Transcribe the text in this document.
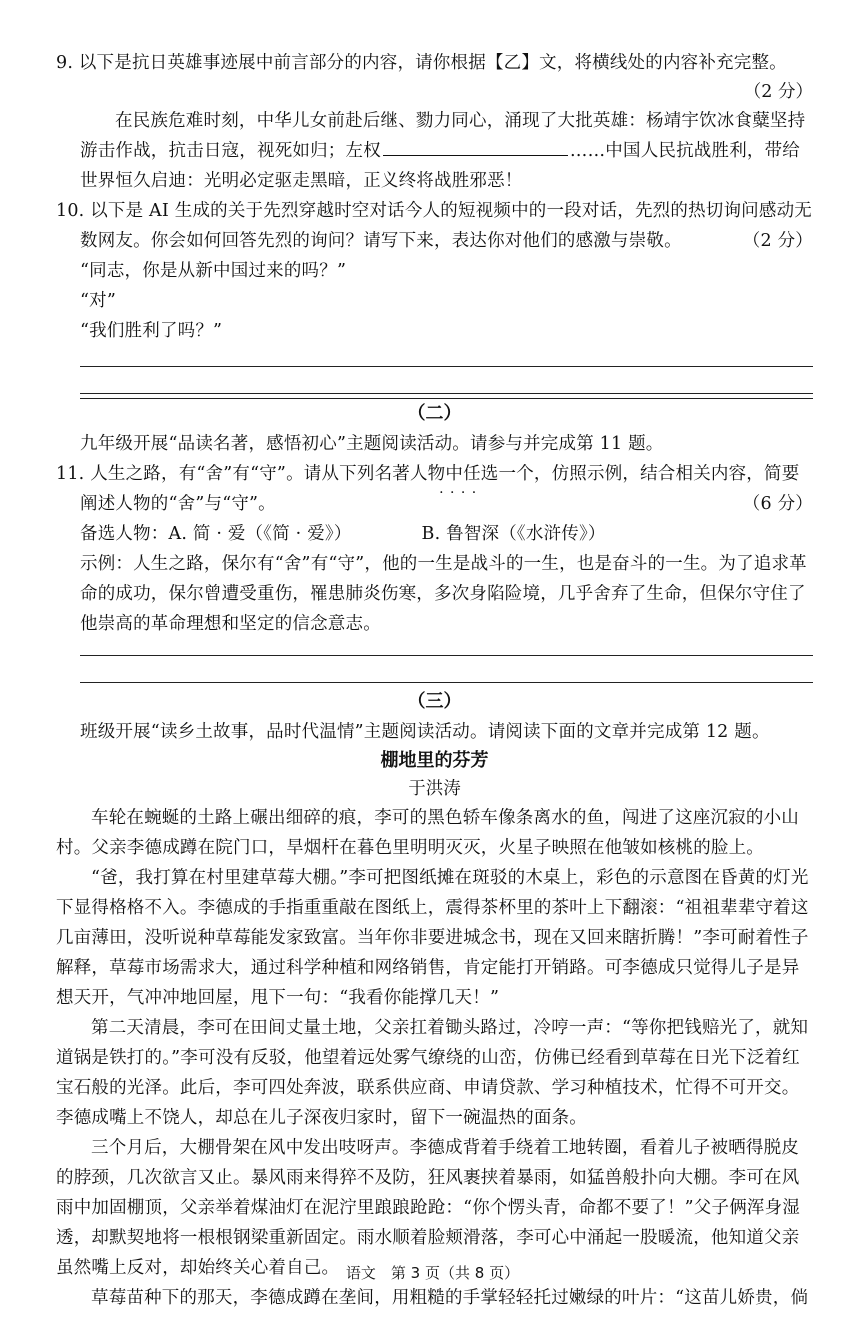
9. 以下是抗日英雄事迹展中前言部分的内容，请你根据【乙】文，将横线处的内容补充完整。

（2 分）

在民族危难时刻，中华儿女前赴后继、勠力同心，涌现了大批英雄：杨靖宇饮冰食糵坚持游击作战，抗击日寇，视死如归；左权	……中国人民抗战胜利，带给世界恒久启迪：光明必定驱走黑暗，正义终将战胜邪恶！

10. 以下是 AI 生成的关于先烈穿越时空对话今人的短视频中的一段对话，先烈的热切询问感动无数网友。你会如何回答先烈的询问？请写下来，表达你对他们的感激与崇敬。	（2 分）

“同志，你是从新中国过来的吗？”

“对”

“我们胜利了吗？”

（二）

九年级开展“品读名著，感悟初心”主题阅读活动。请参与并完成第 11 题。

11. 人生之路，有“舍”有“守”。请从下列名著人物中任选一个 · · ，仿照示例，结合相关内容，简要阐述人物的“舍”与“守”。	（6 分）

备选人物：A. 简 · 爱（《简 · 爱》）	B. 鲁智深（《水浒传》）

示例：人生之路，保尔有“舍”有“守”，他的一生是战斗的一生，也是奋斗的一生。为了追求革命的成功，保尔曾遭受重伤，罹患肺炎伤寒，多次身陷险境，几乎舍弃了生命，但保尔守住了他崇高的革命理想和坚定的信念意志。

（三）

班级开展“读乡土故事，品时代温情”主题阅读活动。请阅读下面的文章并完成第 12 题。

棚地里的芬芳

于洪涛

车轮在蜿蜒的土路上碾出细碎的痕，李可的黑色轿车像条离水的鱼，闯进了这座沉寂的小山村。父亲李德成蹲在院门口，旱烟杆在暮色里明明灭灭，火星子映照在他皱如核桃的脸上。

“爸，我打算在村里建草莓大棚。”李可把图纸摊在斑驳的木桌上，彩色的示意图在昏黄的灯光下显得格格不入。李德成的手指重重敲在图纸上，震得茶杯里的茶叶上下翻滚：“祖祖辈辈守着这几亩薄田，没听说种草莓能发家致富。当年你非要进城念书，现在又回来瞎折腾！”李可耐着性子解释，草莓市场需求大，通过科学种植和网络销售，肯定能打开销路。可李德成只觉得儿子是异想天开，气冲冲地回屋，甩下一句：“我看你能撑几天！”

第二天清晨，李可在田间丈量土地，父亲扛着锄头路过，冷哼一声：“等你把钱赔光了，就知道锅是铁打的。”李可没有反驳，他望着远处雾气缭绕的山峦，仿佛已经看到草莓在日光下泛着红宝石般的光泽。此后，李可四处奔波，联系供应商、申请贷款、学习种植技术，忙得不可开交。李德成嘴上不饶人，却总在儿子深夜归家时，留下一碗温热的面条。

三个月后，大棚骨架在风中发出吱呀声。李德成背着手绕着工地转圈，看着儿子被晒得脱皮的脖颈，几次欲言又止。暴风雨来得猝不及防，狂风裹挟着暴雨，如猛兽般扑向大棚。李可在风雨中加固棚顶，父亲举着煤油灯在泥泞里踉踉跄跄：“你个愣头青，命都不要了！”父子俩浑身湿透，却默契地将一根根钢梁重新固定。雨水顺着脸颊滑落，李可心中涌起一股暖流，他知道父亲虽然嘴上反对，却始终关心着自己。

草莓苗种下的那天，李德成蹲在垄间，用粗糙的手掌轻轻托过嫩绿的叶片：“这苗儿娇贵，倘

语文　第 3 页（共 8 页）
